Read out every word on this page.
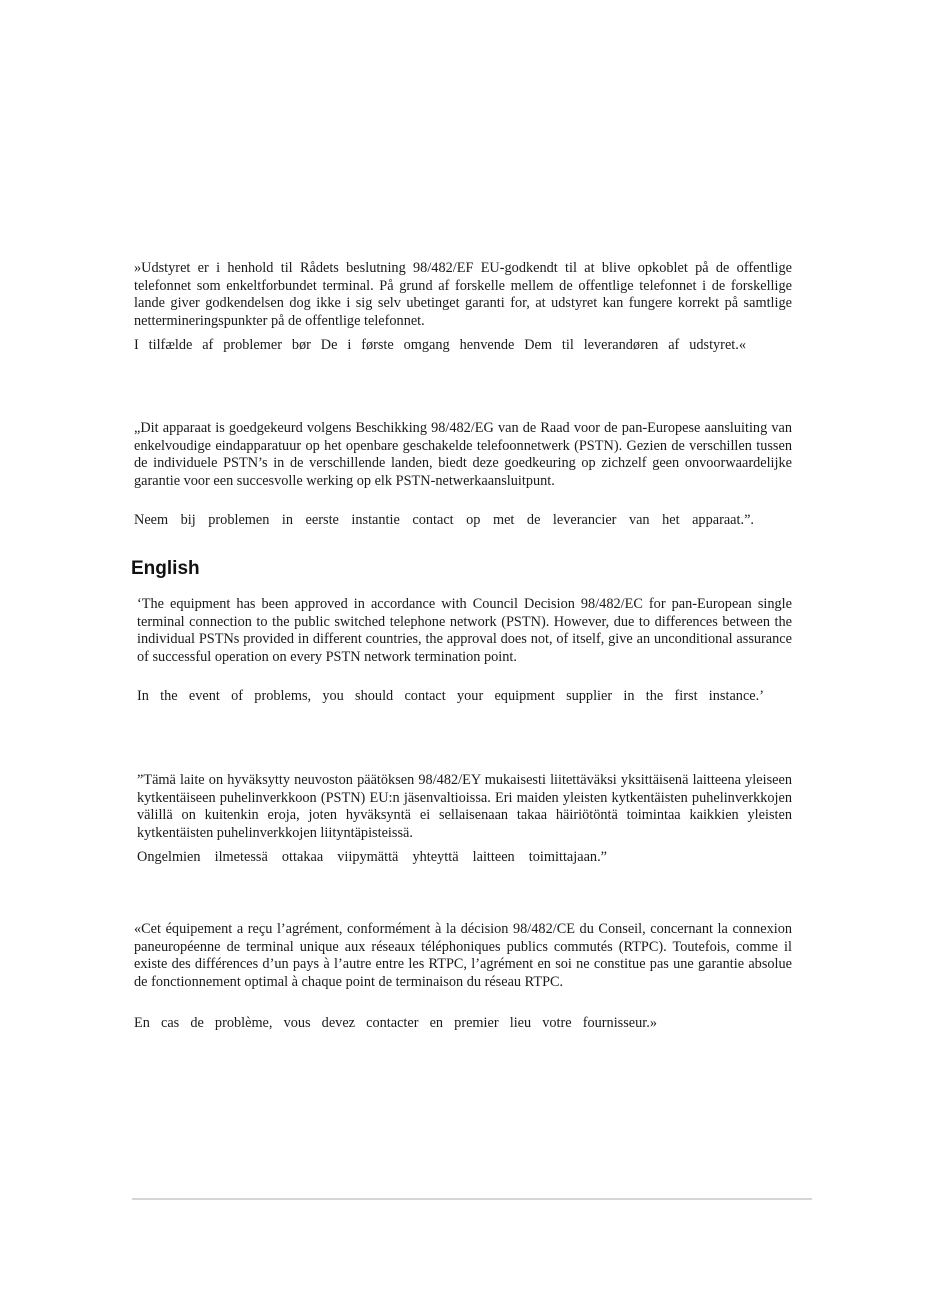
»Udstyret er i henhold til Rådets beslutning 98/482/EF EU-godkendt til at blive opkoblet på de offentlige telefonnet som enkeltforbundet terminal. På grund af forskelle mellem de offentlige telefonnet i de forskellige lande giver godkendelsen dog ikke i sig selv ubetinget garanti for, at udstyret kan fungere korrekt på samtlige nettermineringspunkter på de offentlige telefonnet.

I tilfælde af problemer bør De i første omgang henvende Dem til leverandøren af udstyret.«

„Dit apparaat is goedgekeurd volgens Beschikking 98/482/EG van de Raad voor de pan-Europese aansluiting van enkelvoudige eindapparatuur op het openbare geschakelde telefoonnetwerk (PSTN). Gezien de verschillen tussen de individuele PSTN’s in de verschillende landen, biedt deze goedkeuring op zichzelf geen onvoorwaardelijke garantie voor een succesvolle werking op elk PSTN-netwerkaansluitpunt.

Neem bij problemen in eerste instantie contact op met de leverancier van het apparaat.”.

English

‘The equipment has been approved in accordance with Council Decision 98/482/EC for pan-European single terminal connection to the public switched telephone network (PSTN). However, due to differences between the individual PSTNs provided in different countries, the approval does not, of itself, give an unconditional assurance of successful operation on every PSTN network termination point.

In the event of problems, you should contact your equipment supplier in the first instance.’

”Tämä laite on hyväksytty neuvoston päätöksen 98/482/EY mukaisesti liitettäväksi yksittäisenä laitteena yleiseen kytkentäiseen puhelinverkkoon (PSTN) EU:n jäsenvaltioissa. Eri maiden yleisten kytkentäisten puhelinverkkojen välillä on kuitenkin eroja, joten hyväksyntä ei sellaisenaan takaa häiriötöntä toimintaa kaikkien yleisten kytkentäisten puhelinverkkojen liityntäpisteissä.

Ongelmien ilmetessä ottakaa viipymättä yhteyttä laitteen toimittajaan.”

«Cet équipement a reçu l’agrément, conformément à la décision 98/482/CE du Conseil, concernant la connexion paneuropéenne de terminal unique aux réseaux téléphoniques publics commutés (RTPC). Toutefois, comme il existe des différences d’un pays à l’autre entre les RTPC, l’agrément en soi ne constitue pas une garantie absolue de fonctionnement optimal à chaque point de terminaison du réseau RTPC.

En cas de problème, vous devez contacter en premier lieu votre fournisseur.»
